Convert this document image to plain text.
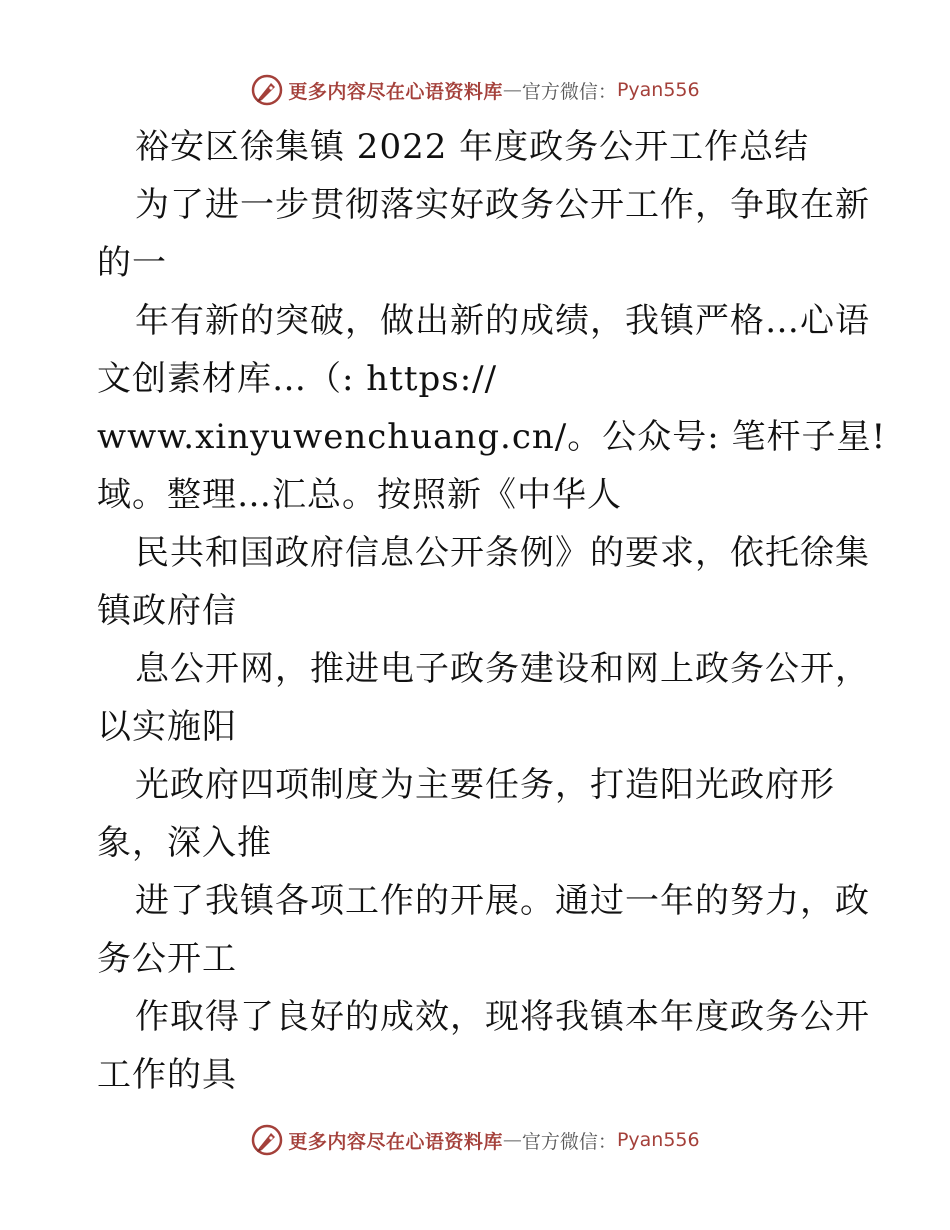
更多内容尽在心语资料库 — 官方微信： Pyan556
裕安区徐集镇 2022 年度政务公开工作总结
为了进一步贯彻落实好政务公开工作，争取在新
的一
年有新的突破，做出新的成绩，我镇严格…心语
文创素材库…（: https://
www.xinyuwenchuang.cn/。公众号: 笔杆子星!
域。整理…汇总。按照新《中华人
民共和国政府信息公开条例》的要求，依托徐集
镇政府信
息公开网，推进电子政务建设和网上政务公开，
以实施阳
光政府四项制度为主要任务，打造阳光政府形
象，深入推
进了我镇各项工作的开展。通过一年的努力，政
务公开工
作取得了良好的成效，现将我镇本年度政务公开
工作的具
更多内容尽在心语资料库 — 官方微信： Pyan556
